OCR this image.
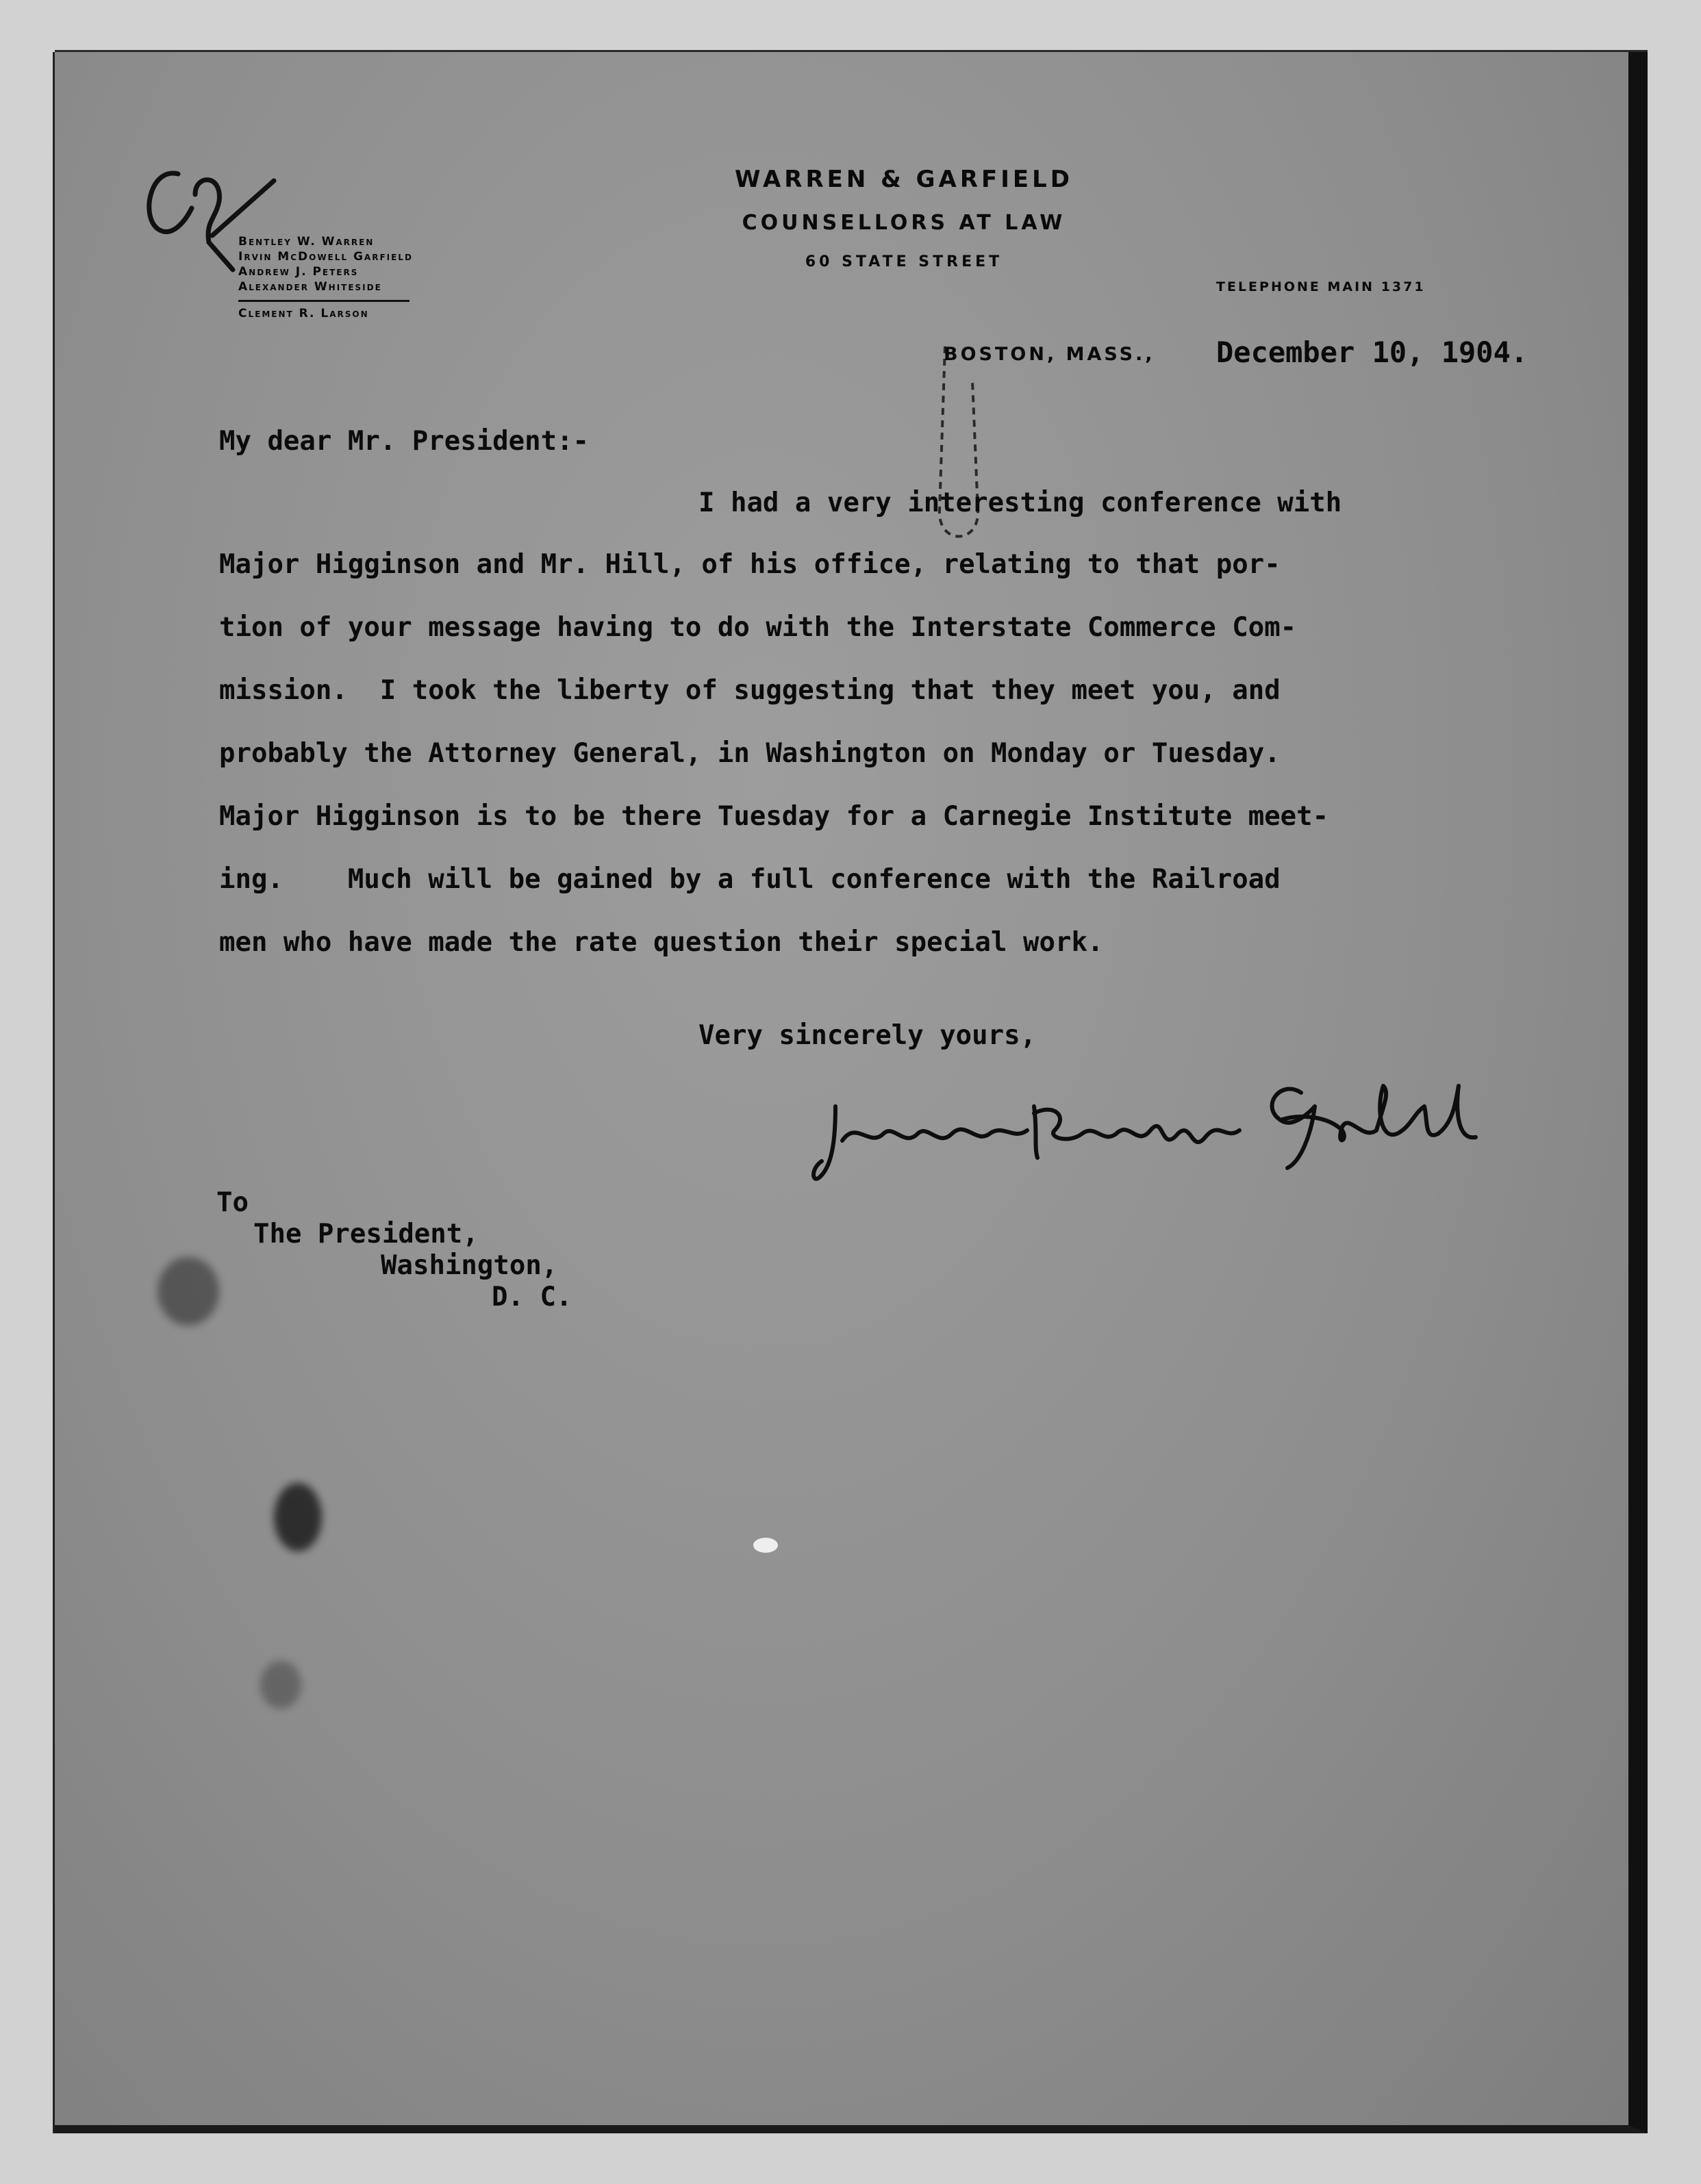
Bentley W. Warren
Irvin McDowell Garfield
Andrew J. Peters
Alexander Whiteside
Clement R. Larson
WARREN & GARFIELD
COUNSELLORS AT LAW
60 STATE STREET
TELEPHONE MAIN 1371
BOSTON, MASS., December 10, 1904.
My dear Mr. President:-
I had a very interesting conference with
Major Higginson and Mr. Hill, of his office, relating to that por-
tion of your message having to do with the Interstate Commerce Com-
mission.  I took the liberty of suggesting that they meet you, and
probably the Attorney General, in Washington on Monday or Tuesday.
Major Higginson is to be there Tuesday for a Carnegie Institute meet-
ing.    Much will be gained by a full conference with the Railroad
men who have made the rate question their special work.
Very sincerely yours,
To
The President,
Washington,
D. C.
